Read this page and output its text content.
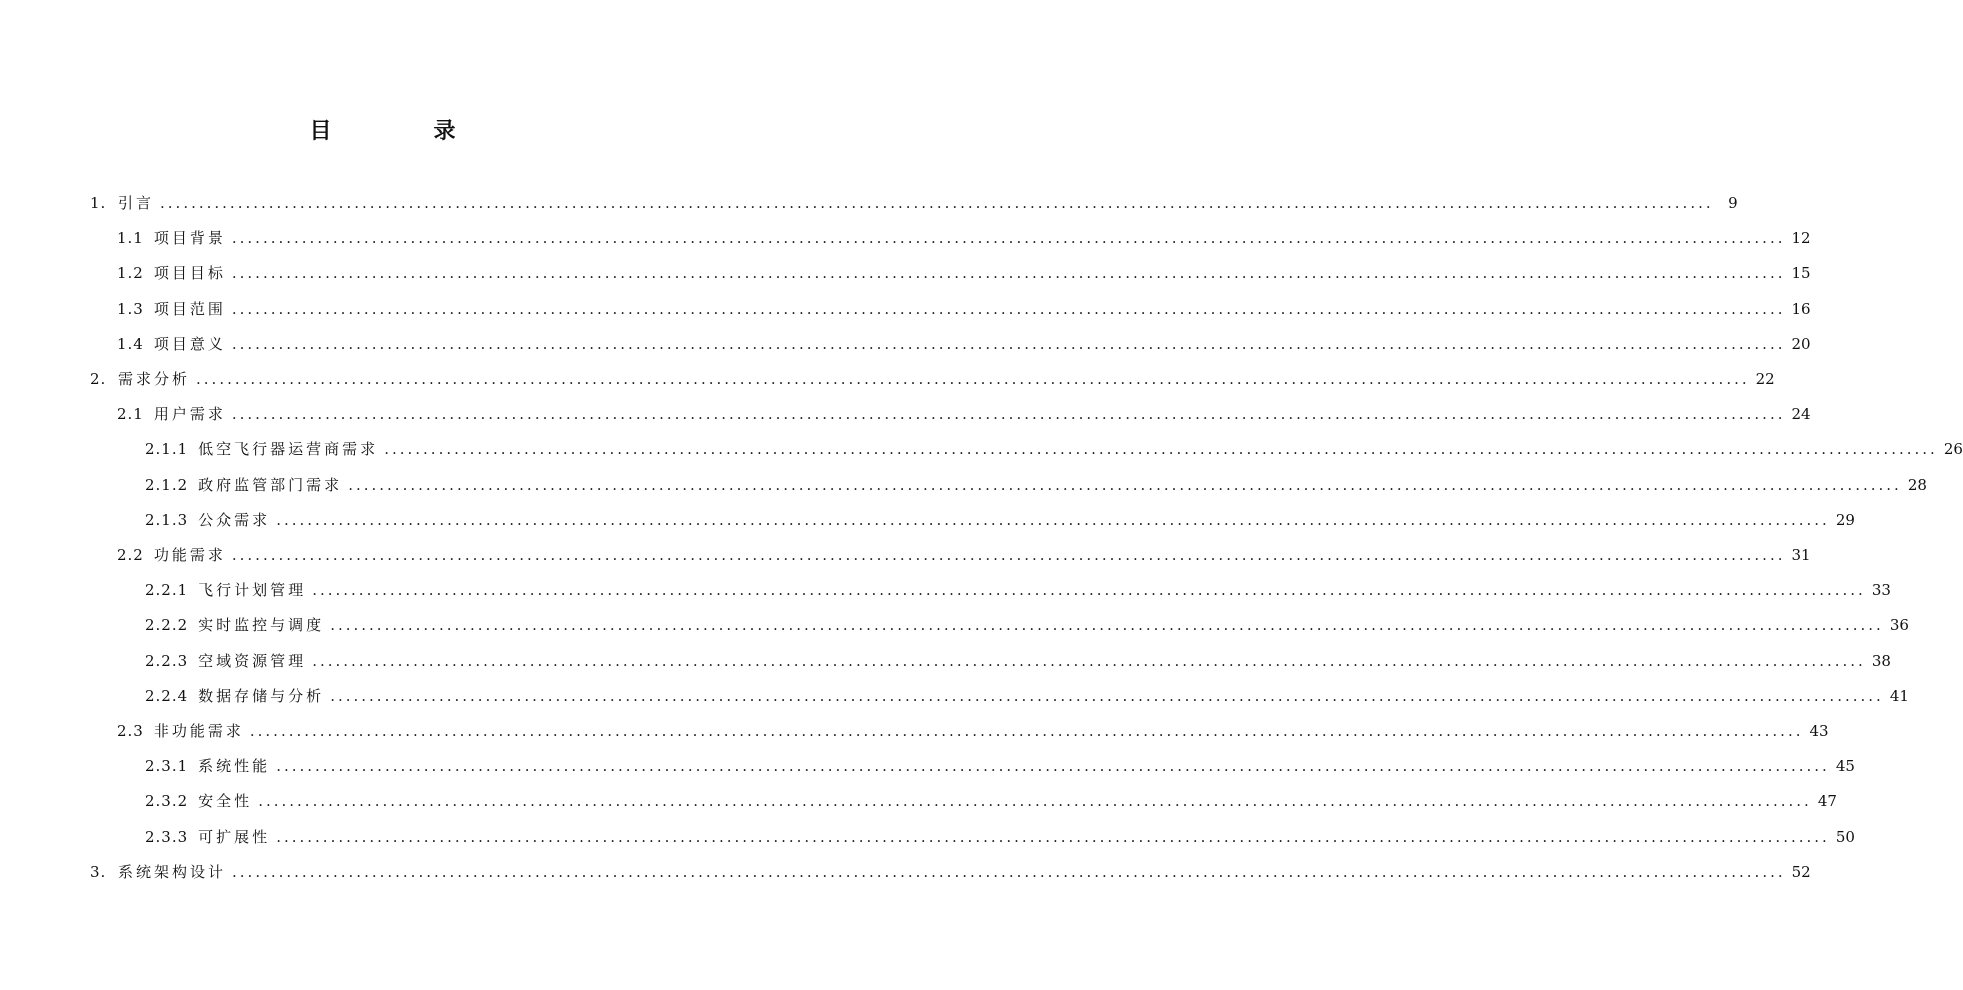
目　录
1. 引言 ........................................................................................................................................................................................................ 9
1.1 项目背景 ........................................................................................................................................................................................................ 12
1.2 项目目标 ........................................................................................................................................................................................................ 15
1.3 项目范围 ........................................................................................................................................................................................................ 16
1.4 项目意义 ........................................................................................................................................................................................................ 20
2. 需求分析 ........................................................................................................................................................................................................ 22
2.1 用户需求 ........................................................................................................................................................................................................ 24
2.1.1 低空飞行器运营商需求 ........................................................................................................................................................................................................ 26
2.1.2 政府监管部门需求 ........................................................................................................................................................................................................ 28
2.1.3 公众需求 ........................................................................................................................................................................................................ 29
2.2 功能需求 ........................................................................................................................................................................................................ 31
2.2.1 飞行计划管理 ........................................................................................................................................................................................................ 33
2.2.2 实时监控与调度 ........................................................................................................................................................................................................ 36
2.2.3 空域资源管理 ........................................................................................................................................................................................................ 38
2.2.4 数据存储与分析 ........................................................................................................................................................................................................ 41
2.3 非功能需求 ........................................................................................................................................................................................................ 43
2.3.1 系统性能 ........................................................................................................................................................................................................ 45
2.3.2 安全性 ........................................................................................................................................................................................................ 47
2.3.3 可扩展性 ........................................................................................................................................................................................................ 50
3. 系统架构设计 ........................................................................................................................................................................................................ 52
